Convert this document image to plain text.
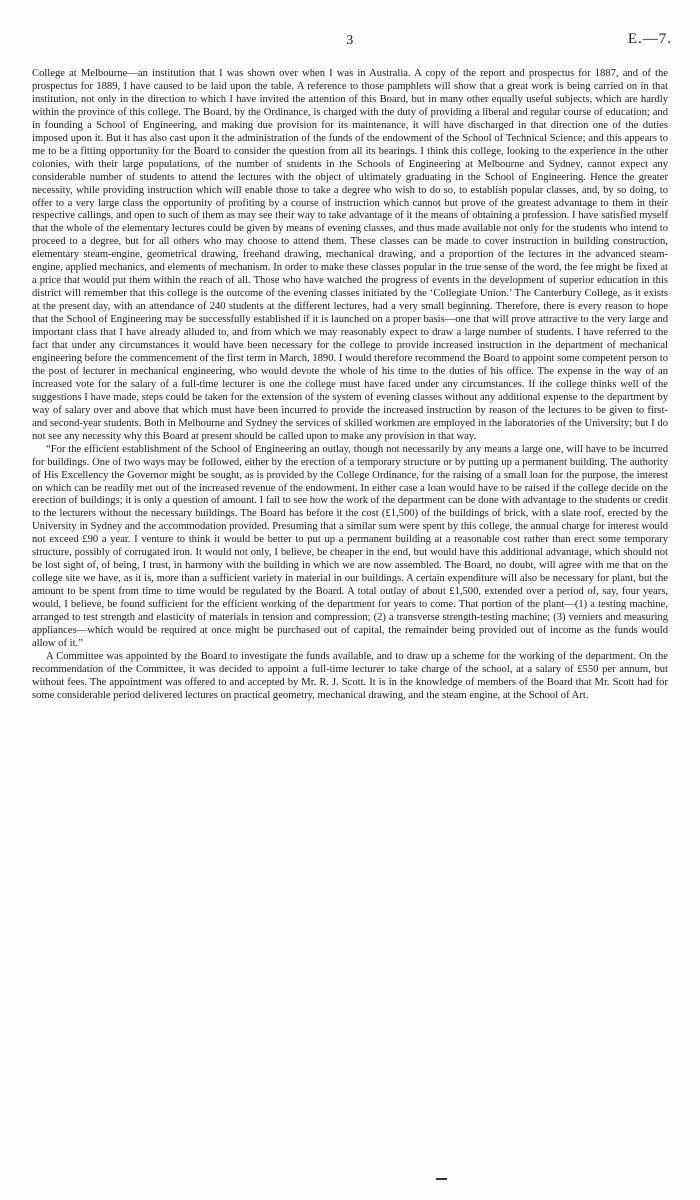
3	E.—7.

College at Melbourne—an institution that I was shown over when I was in Australia. A copy of the report and prospectus for 1887, and of the prospectus for 1889, I have caused to be laid upon the table. A reference to those pamphlets will show that a great work is being carried on in that institution, not only in the direction to which I have invited the attention of this Board, but in many other equally useful subjects, which are hardly within the province of this college. The Board, by the Ordinance, is charged with the duty of providing a liberal and regular course of education; and in founding a School of Engineering, and making due provision for its maintenance, it will have discharged in that direction one of the duties imposed upon it. But it has also cast upon it the administration of the funds of the endowment of the School of Technical Science; and this appears to me to be a fitting opportunity for the Board to consider the question from all its bearings. I think this college, looking to the experience in the other colonies, with their large populations, of the number of students in the Schools of Engineering at Melbourne and Sydney, cannot expect any considerable number of students to attend the lectures with the object of ultimately graduating in the School of Engineering. Hence the greater necessity, while providing instruction which will enable those to take a degree who wish to do so, to establish popular classes, and, by so doing, to offer to a very large class the opportunity of profiting by a course of instruction which cannot but prove of the greatest advantage to them in their respective callings, and open to such of them as may see their way to take advantage of it the means of obtaining a profession. I have satisfied myself that the whole of the elementary lectures could be given by means of evening classes, and thus made available not only for the students who intend to proceed to a degree, but for all others who may choose to attend them. These classes can be made to cover instruction in building construction, elementary steam-engine, geometrical drawing, freehand drawing, mechanical drawing, and a proportion of the lectures in the advanced steam-engine, applied mechanics, and elements of mechanism. In order to make these classes popular in the true sense of the word, the fee might be fixed at a price that would put them within the reach of all. Those who have watched the progress of events in the development of superior education in this district will remember that this college is the outcome of the evening classes initiated by the ‘Collegiate Union.’ The Canterbury College, as it exists at the present day, with an attendance of 240 students at the different lectures, had a very small beginning. Therefore, there is every reason to hope that the School of Engineering may be successfully established if it is launched on a proper basis—one that will prove attractive to the very large and important class that I have already alluded to, and from which we may reasonably expect to draw a large number of students. I have referred to the fact that under any circumstances it would have been necessary for the college to provide increased instruction in the department of mechanical engineering before the commencement of the first term in March, 1890. I would therefore recommend the Board to appoint some competent person to the post of lecturer in mechanical engineering, who would devote the whole of his time to the duties of his office. The expense in the way of an increased vote for the salary of a full-time lecturer is one the college must have faced under any circumstances. If the college thinks well of the suggestions I have made, steps could be taken for the extension of the system of evening classes without any additional expense to the department by way of salary over and above that which must have been incurred to provide the increased instruction by reason of the lectures to be given to first- and second-year students. Both in Melbourne and Sydney the services of skilled workmen are employed in the laboratories of the University; but I do not see any necessity why this Board at present should be called upon to make any provision in that way.

“For the efficient establishment of the School of Engineering an outlay, though not necessarily by any means a large one, will have to be incurred for buildings. One of two ways may be followed, either by the erection of a temporary structure or by putting up a permanent building. The authority of His Excellency the Governor might be sought, as is provided by the College Ordinance, for the raising of a small loan for the purpose, the interest on which can be readily met out of the increased revenue of the endowment. In either case a loan would have to be raised if the college decide on the erection of buildings; it is only a question of amount. I fail to see how the work of the department can be done with advantage to the students or credit to the lecturers without the necessary buildings. The Board has before it the cost (£1,500) of the buildings of brick, with a slate roof, erected by the University in Sydney and the accommodation provided. Presuming that a similar sum were spent by this college, the annual charge for interest would not exceed £90 a year. I venture to think it would be better to put up a permanent building at a reasonable cost rather than erect some temporary structure, possibly of corrugated iron. It would not only, I believe, be cheaper in the end, but would have this additional advantage, which should not be lost sight of, of being, I trust, in harmony with the building in which we are now assembled. The Board, no doubt, will agree with me that on the college site we have, as it is, more than a sufficient variety in material in our buildings. A certain expenditure will also be necessary for plant, but the amount to be spent from time to time would be regulated by the Board. A total outlay of about £1,500, extended over a period of, say, four years, would, I believe, be found sufficient for the efficient working of the department for years to come. That portion of the plant—(1) a testing machine, arranged to test strength and elasticity of materials in tension and compression; (2) a transverse strength-testing machine; (3) verniers and measuring appliances—which would be required at once might be purchased out of capital, the remainder being provided out of income as the funds would allow of it.”

A Committee was appointed by the Board to investigate the funds available, and to draw up a scheme for the working of the department. On the recommendation of the Committee, it was decided to appoint a full-time lecturer to take charge of the school, at a salary of £550 per annum, but without fees. The appointment was offered to and accepted by Mr. R. J. Scott. It is in the knowledge of members of the Board that Mr. Scott had for some considerable period delivered lectures on practical geometry, mechanical drawing, and the steam engine, at the School of Art.
